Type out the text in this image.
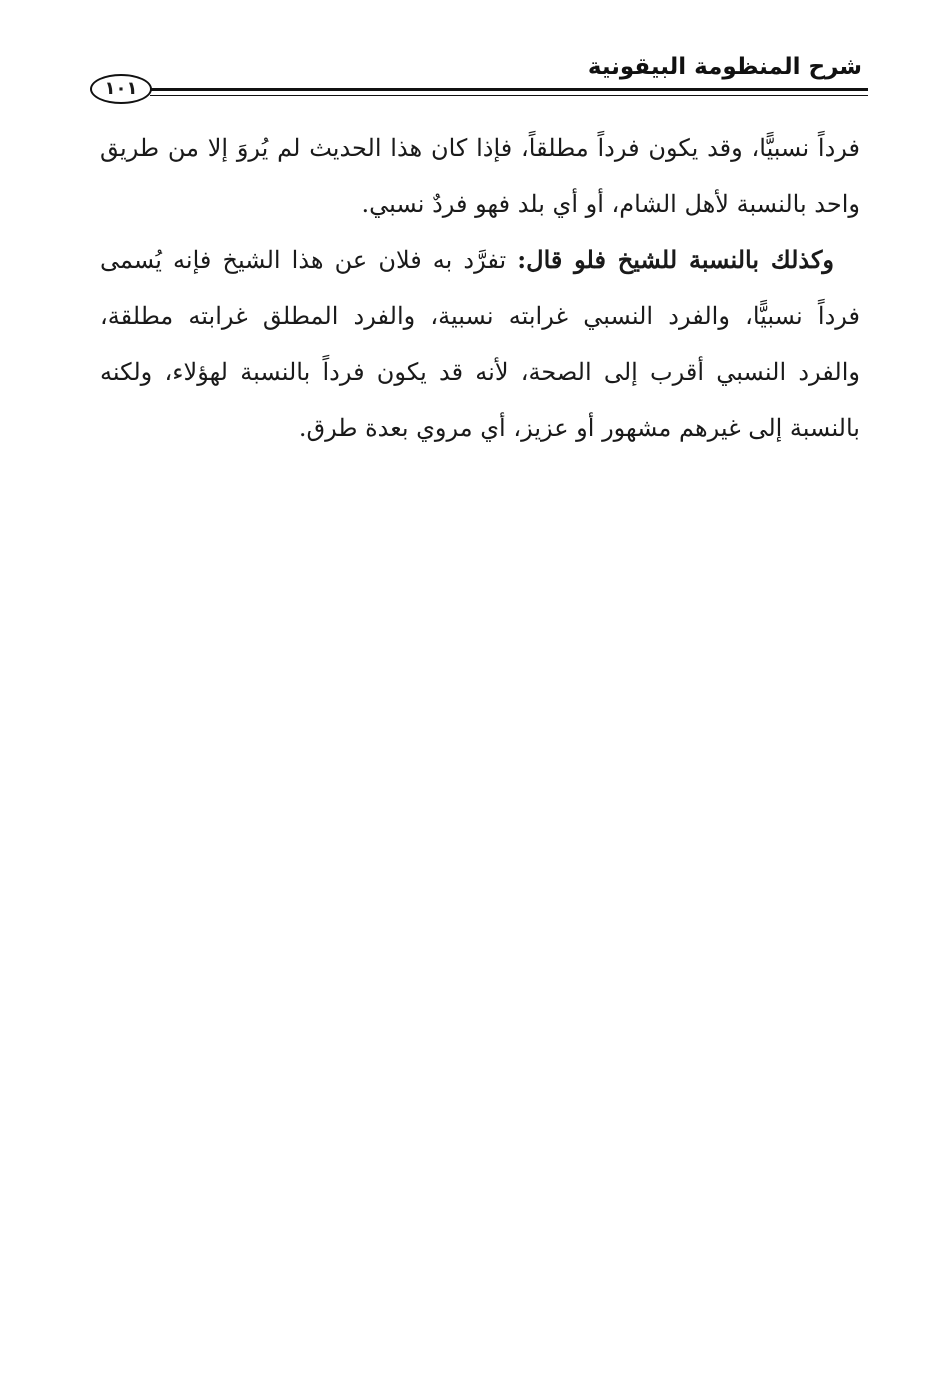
شرح المنظومة البيقونية
١٠١

فرداً نسبيًّا، وقد يكون فرداً مطلقاً، فإذا كان هذا الحديث لم يُروَ إلا من طريق واحد بالنسبة لأهل الشام، أو أي بلد فهو فردٌ نسبي.

وكذلك بالنسبة للشيخ فلو قال: تفرَّد به فلان عن هذا الشيخ فإنه يُسمى فرداً نسبيًّا، والفرد النسبي غرابته نسبية، والفرد المطلق غرابته مطلقة، والفرد النسبي أقرب إلى الصحة، لأنه قد يكون فرداً بالنسبة لهؤلاء، ولكنه بالنسبة إلى غيرهم مشهور أو عزيز، أي مروي بعدة طرق.
